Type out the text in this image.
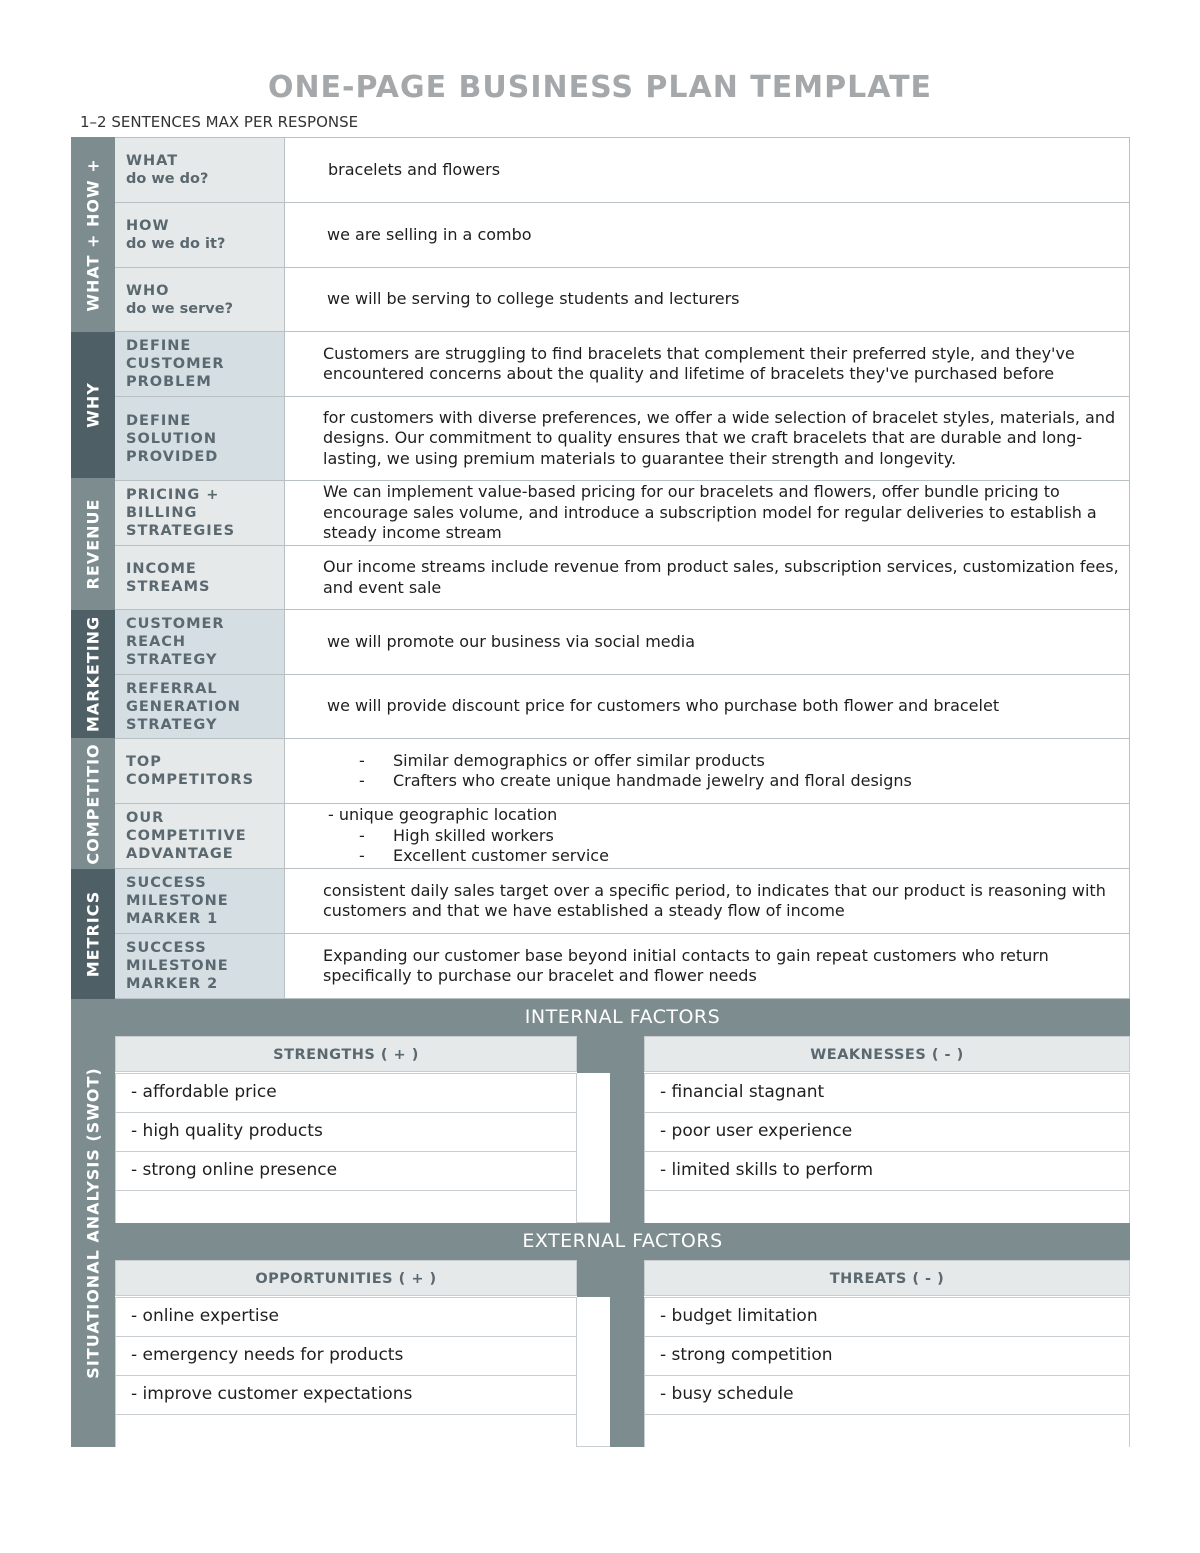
ONE-PAGE BUSINESS PLAN TEMPLATE
1–2 SENTENCES MAX PER RESPONSE
WHAT + HOW +
WHY
REVENUE
MARKETING
COMPETITIO
METRICS
SITUATIONAL ANALYSIS (SWOT)
WHAT
do we do?
bracelets and flowers
HOW
do we do it?
we are selling in a combo
WHO
do we serve?
we will be serving to college students and lecturers
DEFINE
CUSTOMER
PROBLEM
Customers are struggling to find bracelets that complement their preferred style, and they've encountered concerns about the quality and lifetime of bracelets they've purchased before
DEFINE
SOLUTION
PROVIDED
for customers with diverse preferences, we offer a wide selection of bracelet styles, materials, and designs. Our commitment to quality ensures that we craft bracelets that are durable and long-lasting, we using premium materials to guarantee their strength and longevity.
PRICING +
BILLING
STRATEGIES
We can implement value-based pricing for our bracelets and flowers, offer bundle pricing to encourage sales volume, and introduce a subscription model for regular deliveries to establish a steady income stream
INCOME
STREAMS
Our income streams include revenue from product sales, subscription services, customization fees, and event sale
CUSTOMER
REACH
STRATEGY
we will promote our business via social media
REFERRAL
GENERATION
STRATEGY
we will provide discount price for customers who purchase both flower and bracelet
TOP
COMPETITORS
- Similar demographics or offer similar products
- Crafters who create unique handmade jewelry and floral designs
OUR
COMPETITIVE
ADVANTAGE
- unique geographic location
- High skilled workers
- Excellent customer service
SUCCESS
MILESTONE
MARKER 1
consistent daily sales target over a specific period, to indicates that our product is reasoning with customers and that we have established a steady flow of income
SUCCESS
MILESTONE
MARKER 2
Expanding our customer base beyond initial contacts to gain repeat customers who return specifically to purchase our bracelet and flower needs
INTERNAL FACTORS
STRENGTHS ( + )	WEAKNESSES ( - )
- affordable price
- high quality products
- strong online presence
- financial stagnant
- poor user experience
- limited skills to perform
EXTERNAL FACTORS
OPPORTUNITIES ( + )	THREATS ( - )
- online expertise
- emergency needs for products
- improve customer expectations
- budget limitation
- strong competition
- busy schedule
